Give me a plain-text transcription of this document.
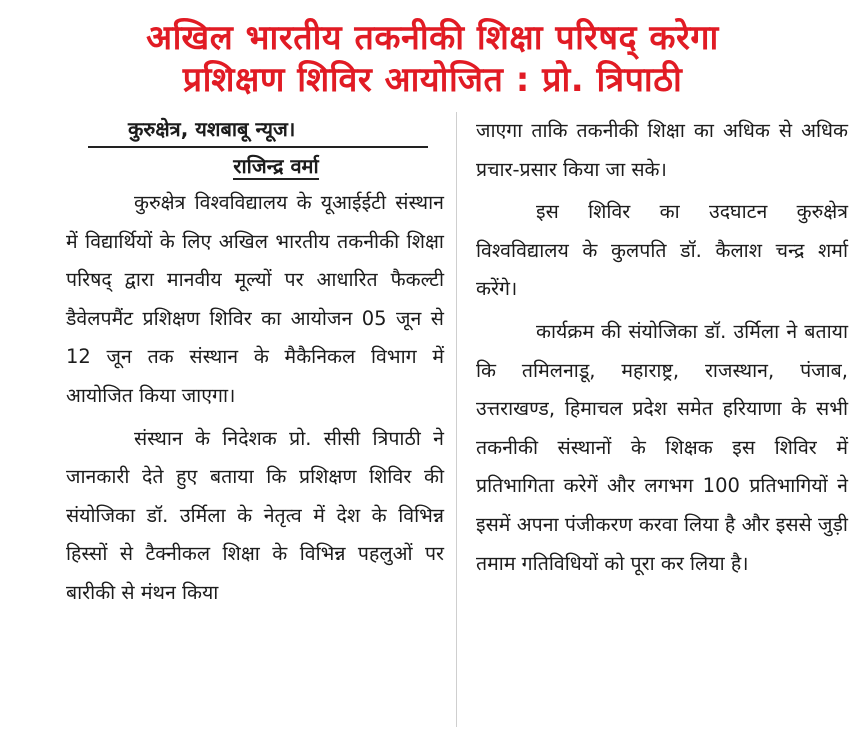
अखिल भारतीय तकनीकी शिक्षा परिषद् करेगा
प्रशिक्षण शिविर आयोजित : प्रो. त्रिपाठी
कुरुक्षेत्र, यशबाबू न्यूज।
राजिन्द्र वर्मा

कुरुक्षेत्र विश्वविद्यालय के यूआईईटी संस्थान में विद्यार्थियों के लिए अखिल भारतीय तकनीकी शिक्षा परिषद् द्वारा मानवीय मूल्यों पर आधारित फैकल्टी डैवेलपमैंट प्रशिक्षण शिविर का आयोजन 05 जून से 12 जून तक संस्थान के मैकैनिकल विभाग में आयोजित किया जाएगा।

संस्थान के निदेशक प्रो. सीसी त्रिपाठी ने जानकारी देते हुए बताया कि प्रशिक्षण शिविर की संयोजिका डॉ. उर्मिला के नेतृत्व में देश के विभिन्न हिस्सों से टैक्नीकल शिक्षा के विभिन्न पहलुओं पर बारीकी से मंथन किया

जाएगा ताकि तकनीकी शिक्षा का अधिक से अधिक प्रचार-प्रसार किया जा सके।

इस शिविर का उदघाटन कुरुक्षेत्र विश्वविद्यालय के कुलपति डॉ. कैलाश चन्द्र शर्मा करेंगे।

कार्यक्रम की संयोजिका डॉ. उर्मिला ने बताया कि तमिलनाडू, महाराष्ट्र, राजस्थान, पंजाब, उत्तराखण्ड, हिमाचल प्रदेश समेत हरियाणा के सभी तकनीकी संस्थानों के शिक्षक इस शिविर में प्रतिभागिता करेगें और लगभग 100 प्रतिभागियों ने इसमें अपना पंजीकरण करवा लिया है और इससे जुड़ी तमाम गतिविधियों को पूरा कर लिया है।
